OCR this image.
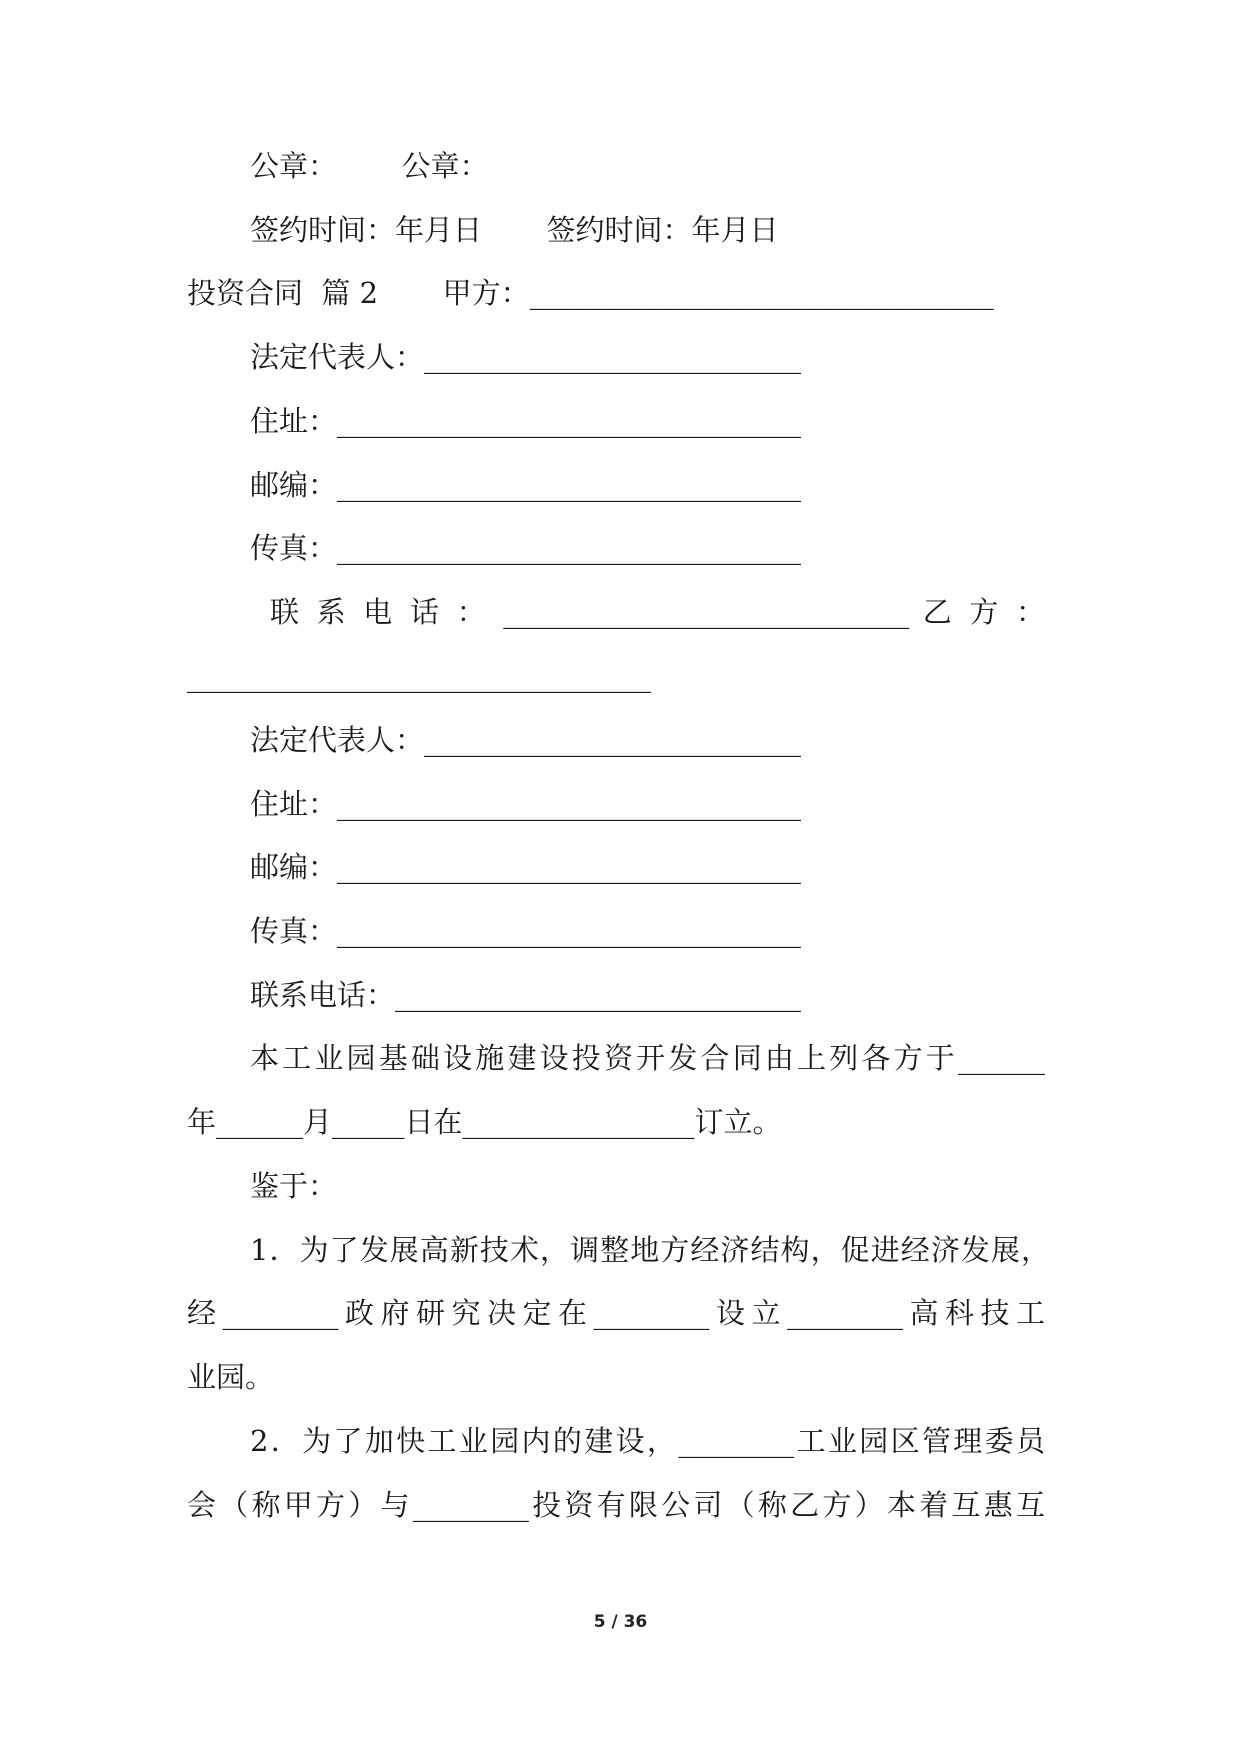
公章：       公章：

签约时间：年月日       签约时间：年月日

投资合同  篇 2       甲方：________________________________

法定代表人：__________________________

住址：________________________________

邮编：________________________________

传真：________________________________

联 系 电 话 ： ____________________________ 乙 方 ：

________________________________

法定代表人：__________________________

住址：________________________________

邮编：________________________________

传真：________________________________

联系电话：____________________________

本工业园基础设施建设投资开发合同由上列各方于______

年______月_____日在________________订立。

鉴于：

1．为了发展高新技术，调整地方经济结构，促进经济发展，

经________政府研究决定在________设立________高科技工

业园。

2．为了加快工业园内的建设，________工业园区管理委员

会（称甲方）与________投资有限公司（称乙方）本着互惠互

5 / 36
